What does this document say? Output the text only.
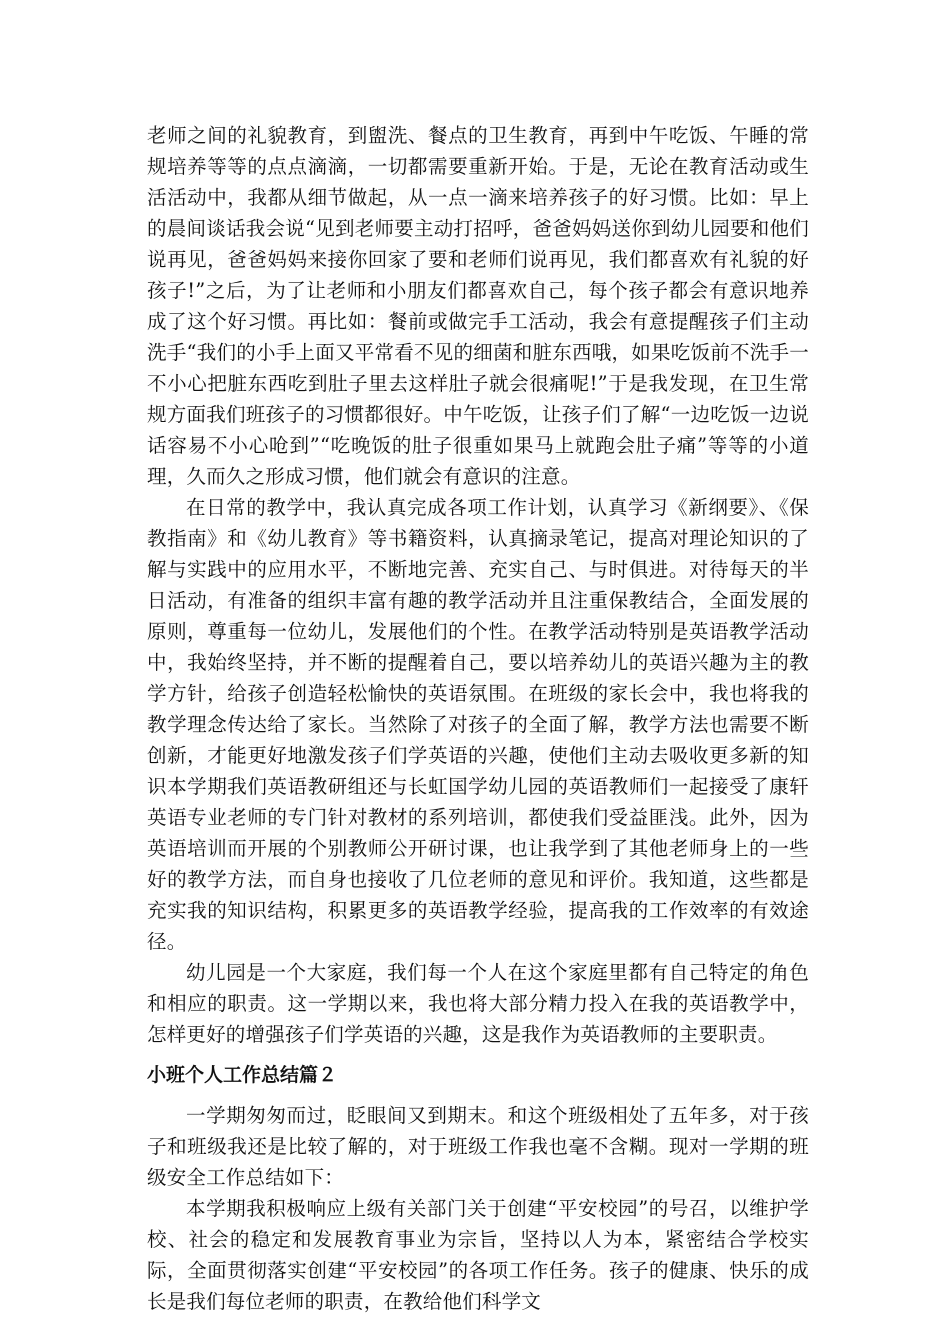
老师之间的礼貌教育，到盥洗、餐点的卫生教育，再到中午吃饭、午睡的常规培养等等的点点滴滴，一切都需要重新开始。于是，无论在教育活动或生活活动中，我都从细节做起，从一点一滴来培养孩子的好习惯。比如：早上的晨间谈话我会说“见到老师要主动打招呼，爸爸妈妈送你到幼儿园要和他们说再见，爸爸妈妈来接你回家了要和老师们说再见，我们都喜欢有礼貌的好孩子!”之后，为了让老师和小朋友们都喜欢自己，每个孩子都会有意识地养成了这个好习惯。再比如：餐前或做完手工活动，我会有意提醒孩子们主动洗手“我们的小手上面又平常看不见的细菌和脏东西哦，如果吃饭前不洗手一不小心把脏东西吃到肚子里去这样肚子就会很痛呢!”于是我发现，在卫生常规方面我们班孩子的习惯都很好。中午吃饭，让孩子们了解“一边吃饭一边说话容易不小心呛到”“吃晚饭的肚子很重如果马上就跑会肚子痛”等等的小道理，久而久之形成习惯，他们就会有意识的注意。

在日常的教学中，我认真完成各项工作计划，认真学习《新纲要》、《保教指南》和《幼儿教育》等书籍资料，认真摘录笔记，提高对理论知识的了解与实践中的应用水平，不断地完善、充实自己、与时俱进。对待每天的半日活动，有准备的组织丰富有趣的教学活动并且注重保教结合，全面发展的原则，尊重每一位幼儿，发展他们的个性。在教学活动特别是英语教学活动中，我始终坚持，并不断的提醒着自己，要以培养幼儿的英语兴趣为主的教学方针，给孩子创造轻松愉快的英语氛围。在班级的家长会中，我也将我的教学理念传达给了家长。当然除了对孩子的全面了解，教学方法也需要不断创新，才能更好地激发孩子们学英语的兴趣，使他们主动去吸收更多新的知识本学期我们英语教研组还与长虹国学幼儿园的英语教师们一起接受了康轩英语专业老师的专门针对教材的系列培训，都使我们受益匪浅。此外，因为英语培训而开展的个别教师公开研讨课，也让我学到了其他老师身上的一些好的教学方法，而自身也接收了几位老师的意见和评价。我知道，这些都是充实我的知识结构，积累更多的英语教学经验，提高我的工作效率的有效途径。

幼儿园是一个大家庭，我们每一个人在这个家庭里都有自己特定的角色和相应的职责。这一学期以来，我也将大部分精力投入在我的英语教学中，怎样更好的增强孩子们学英语的兴趣，这是我作为英语教师的主要职责。

小班个人工作总结篇２

一学期匆匆而过，眨眼间又到期末。和这个班级相处了五年多，对于孩子和班级我还是比较了解的，对于班级工作我也毫不含糊。现对一学期的班级安全工作总结如下：

本学期我积极响应上级有关部门关于创建“平安校园”的号召，以维护学校、社会的稳定和发展教育事业为宗旨，坚持以人为本，紧密结合学校实际，全面贯彻落实创建“平安校园”的各项工作任务。孩子的健康、快乐的成长是我们每位老师的职责，在教给他们科学文
